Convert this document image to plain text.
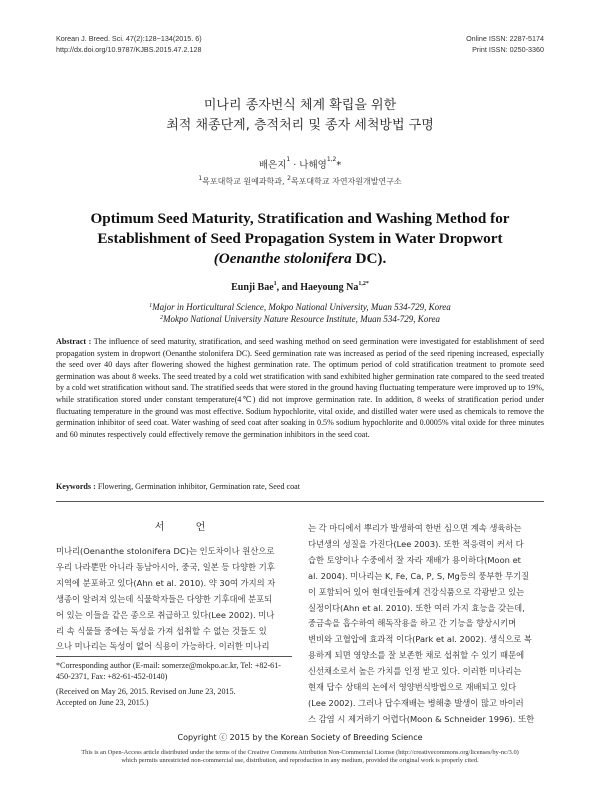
Korean J. Breed. Sci. 47(2):128~134(2015. 6)
http://dx.doi.org/10.9787/KJBS.2015.47.2.128
Online ISSN: 2287-5174
Print ISSN: 0250-3360
미나리 종자번식 체계 확립을 위한
최적 채종단계, 층적처리 및 종자 세척방법 구명
배은지$^1$ · 나해영$^{1,2}$*
$^1$목포대학교 원예과학과, $^2$목포대학교 자연자원개발연구소
Optimum Seed Maturity, Stratification and Washing Method for
Establishment of Seed Propagation System in Water Dropwort
(Oenanthe stolonifera DC).
Eunji Bae$^1$, and Haeyoung $Na^{1,2*}$
$^1$Major in Horticultural Science, Mokpo National University, Muan 534-729, Korea
$^2$Mokpo National University Nature Resource Institute, Muan 534-729, Korea
Abstract : The influence of seed maturity, stratification, and seed washing method on seed germination were investigated for establishment of seed propagation system in dropwort (Oenanthe stolonifera DC). Seed germination rate was increased as period of the seed ripening increased, especially the seed over 40 days after flowering showed the highest germination rate. The optimum period of cold stratification treatment to promote seed germination was about 8 weeks. The seed treated by a cold wet stratification with sand exhibited higher germination rate compared to the seed treated by a cold wet stratification without sand. The stratified seeds that were stored in the ground having fluctuating temperature were improved up to 19%, while stratification stored under constant temperature(4℃) did not improve germination rate. In addition, 8 weeks of stratification period under fluctuating temperature in the ground was most effective. Sodium hypochlorite, vital oxide, and distilled water were used as chemicals to remove the germination inhibitor of seed coat. Water washing of seed coat after soaking in 0.5% sodium hypochlorite and 0.0005% vital oxide for three minutes and 60 minutes respectively could effectively remove the germination inhibitors in the seed coat.
Keywords : Flowering, Germination inhibitor, Germination rate, Seed coat
서 언
미나리(Oenanthe stolonifera DC)는 인도차이나 원산으로
우리 나라뿐만 아니라 동남아시아, 중국, 일본 등 다양한 기후
지역에 분포하고 있다(Ahn et al. 2010). 약 30여 가지의 자
생종이 알려져 있는데 식물학자들은 다양한 기후대에 분포되
어 있는 이들을 같은 종으로 취급하고 있다(Lee 2002). 미나
리 속 식물들 중에는 독성을 가져 섭취할 수 없는 것들도 있
으나 미나리는 독성이 없어 식용이 가능하다. 이러한 미나리
*Corresponding author (E-mail: somerze@mokpo.ac.kr, Tel: +82-61-450-2371, Fax: +82-61-452-0140)
(Received on May 26, 2015. Revised on June 23, 2015.
Accepted on June 23, 2015.)
는 각 마디에서 뿌리가 발생하여 한번 심으면 계속 생육하는
다년생의 성질을 가진다(Lee 2003). 또한 적응력이 커서 다
습한 토양이나 수중에서 잘 자라 재배가 용이하다(Moon et
al. 2004). 미나리는 K, Fe, Ca, P, S, Mg등의 풍부한 무기질
이 포함되어 있어 현대인들에게 건강식품으로 각광받고 있는
실정이다(Ahn et al. 2010). 또한 여러 가지 효능을 갖는데,
중금속을 흡수하여 해독작용을 하고 간 기능을 향상시키며
변비와 고혈압에 효과적 이다(Park et al. 2002). 생식으로 복
용하게 되면 영양소를 잘 보존한 채로 섭취할 수 있기 때문에
신선채소로서 높은 가치를 인정 받고 있다. 이러한 미나리는
현재 답수 상태의 논에서 영양번식방법으로 재배되고 있다
(Lee 2002). 그러나 답수재배는 병해충 발생이 많고 바이러
스 감염 시 제거하기 어렵다(Moon & Schneider 1996). 또한
Copyright ⓒ 2015 by the Korean Society of Breeding Science
This is an Open-Access article distributed under the terms of the Creative Commons Attribution Non-Commercial License (http://creativecommons.org/licenses/by-nc/3.0)
which permits unrestricted non-commercial use, distribution, and reproduction in any medium, provided the original work is properly cited.
